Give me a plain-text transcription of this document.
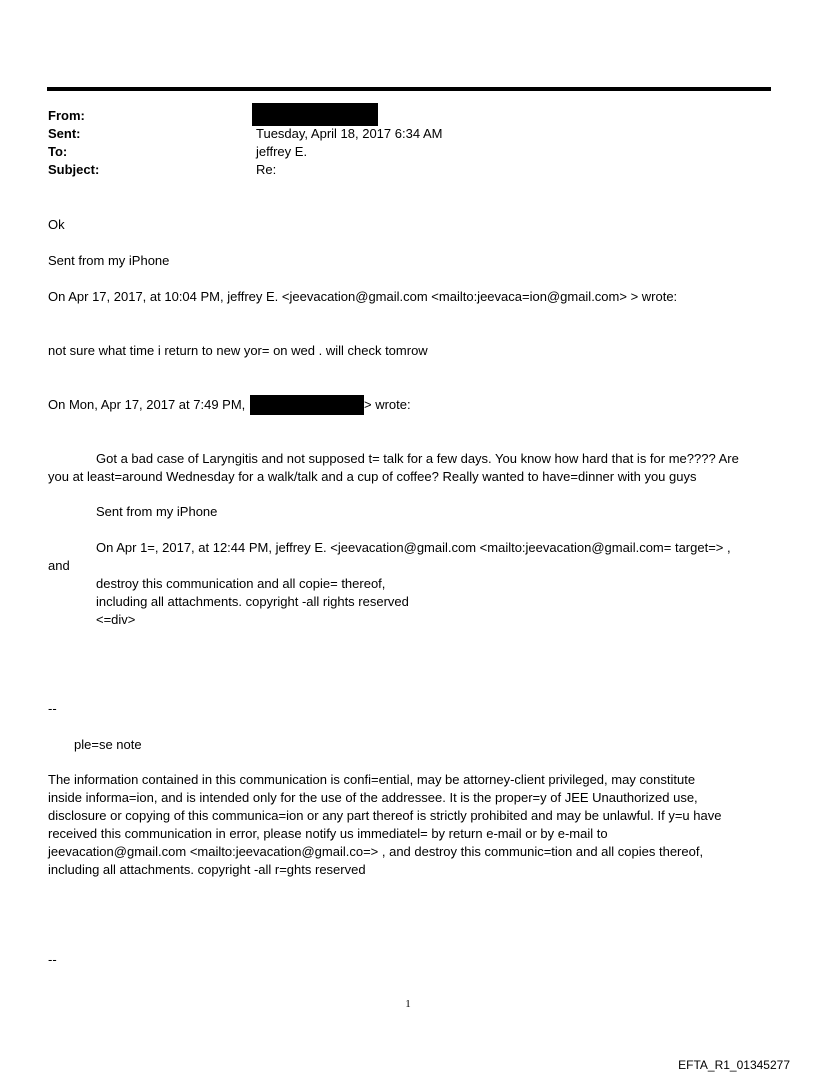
From:
Sent:	Tuesday, April 18, 2017 6:34 AM
To:	jeffrey E.
Subject:	Re:
Ok
Sent from my iPhone
On Apr 17, 2017, at 10:04 PM, jeffrey E. <jeevacation@gmail.com <mailto:jeevaca=ion@gmail.com> > wrote:
not sure what time i return to new yor= on wed . will check tomrow
On Mon, Apr 17, 2017 at 7:49 PM,	> wrote:
Got a bad case of Laryngitis and not supposed t= talk for a few days. You know how hard that is for me???? Are
you at least=around Wednesday for a walk/talk and a cup of coffee? Really wanted to have=dinner with you guys
Sent from my iPhone
On Apr 1=, 2017, at 12:44 PM, jeffrey E. <jeevacation@gmail.com <mailto:jeevacation@gmail.com= target=> ,
and
destroy this communication and all copie= thereof,
including all attachments. copyright -all rights reserved
<=div>
--
ple=se note
The information contained in this communication is confi=ential, may be attorney-client privileged, may constitute
inside informa=ion, and is intended only for the use of the addressee. It is the proper=y of JEE Unauthorized use,
disclosure or copying of this communica=ion or any part thereof is strictly prohibited and may be unlawful. If y=u have
received this communication in error, please notify us immediatel= by return e-mail or by e-mail to
jeevacation@gmail.com <mailto:jeevacation@gmail.co=> , and destroy this communic=tion and all copies thereof,
including all attachments. copyright -all r=ghts reserved
--
1
EFTA_R1_01345277
